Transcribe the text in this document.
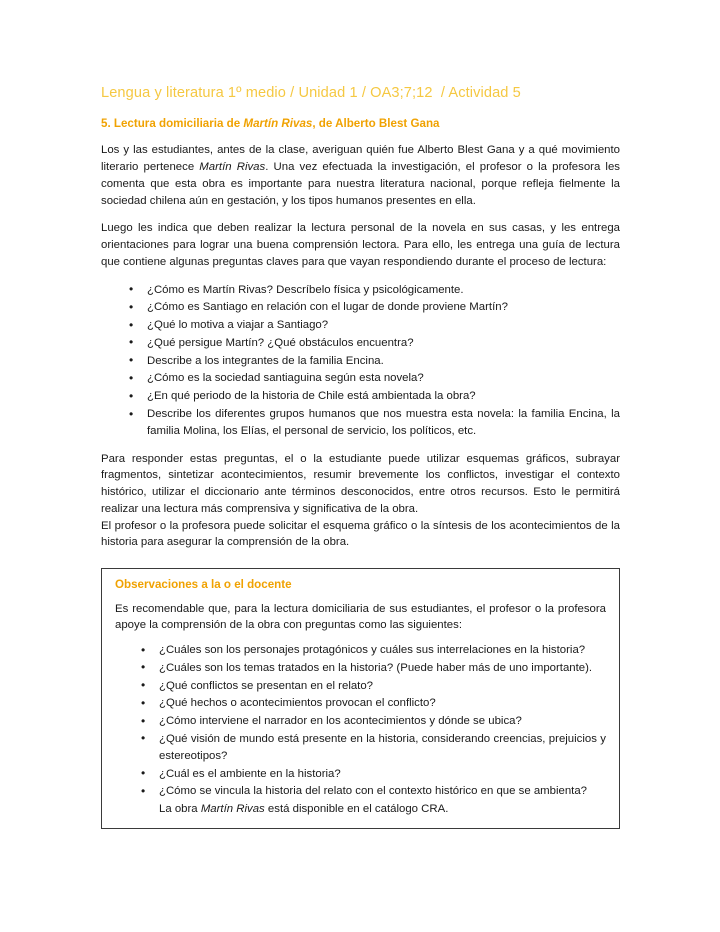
Lengua y literatura 1º medio / Unidad 1 / OA3;7;12  / Actividad 5
5. Lectura domiciliaria de Martín Rivas, de Alberto Blest Gana

Los y las estudiantes, antes de la clase, averiguan quién fue Alberto Blest Gana y a qué movimiento literario pertenece Martín Rivas. Una vez efectuada la investigación, el profesor o la profesora les comenta que esta obra es importante para nuestra literatura nacional, porque refleja fielmente la sociedad chilena aún en gestación, y los tipos humanos presentes en ella.

Luego les indica que deben realizar la lectura personal de la novela en sus casas, y les entrega orientaciones para lograr una buena comprensión lectora. Para ello, les entrega una guía de lectura que contiene algunas preguntas claves para que vayan respondiendo durante el proceso de lectura:

• ¿Cómo es Martín Rivas? Descríbelo física y psicológicamente.
• ¿Cómo es Santiago en relación con el lugar de donde proviene Martín?
• ¿Qué lo motiva a viajar a Santiago?
• ¿Qué persigue Martín? ¿Qué obstáculos encuentra?
• Describe a los integrantes de la familia Encina.
• ¿Cómo es la sociedad santiaguina según esta novela?
• ¿En qué periodo de la historia de Chile está ambientada la obra?
• Describe los diferentes grupos humanos que nos muestra esta novela: la familia Encina, la familia Molina, los Elías, el personal de servicio, los políticos, etc.

Para responder estas preguntas, el o la estudiante puede utilizar esquemas gráficos, subrayar fragmentos, sintetizar acontecimientos, resumir brevemente los conflictos, investigar el contexto histórico, utilizar el diccionario ante términos desconocidos, entre otros recursos. Esto le permitirá realizar una lectura más comprensiva y significativa de la obra.

El profesor o la profesora puede solicitar el esquema gráfico o la síntesis de los acontecimientos de la historia para asegurar la comprensión de la obra.

Observaciones a la o el docente

Es recomendable que, para la lectura domiciliaria de sus estudiantes, el profesor o la profesora apoye la comprensión de la obra con preguntas como las siguientes:

• ¿Cuáles son los personajes protagónicos y cuáles sus interrelaciones en la historia?
• ¿Cuáles son los temas tratados en la historia? (Puede haber más de uno importante).
• ¿Qué conflictos se presentan en el relato?
• ¿Qué hechos o acontecimientos provocan el conflicto?
• ¿Cómo interviene el narrador en los acontecimientos y dónde se ubica?
• ¿Qué visión de mundo está presente en la historia, considerando creencias, prejuicios y estereotipos?
• ¿Cuál es el ambiente en la historia?
• ¿Cómo se vincula la historia del relato con el contexto histórico en que se ambienta?

La obra Martín Rivas está disponible en el catálogo CRA.
